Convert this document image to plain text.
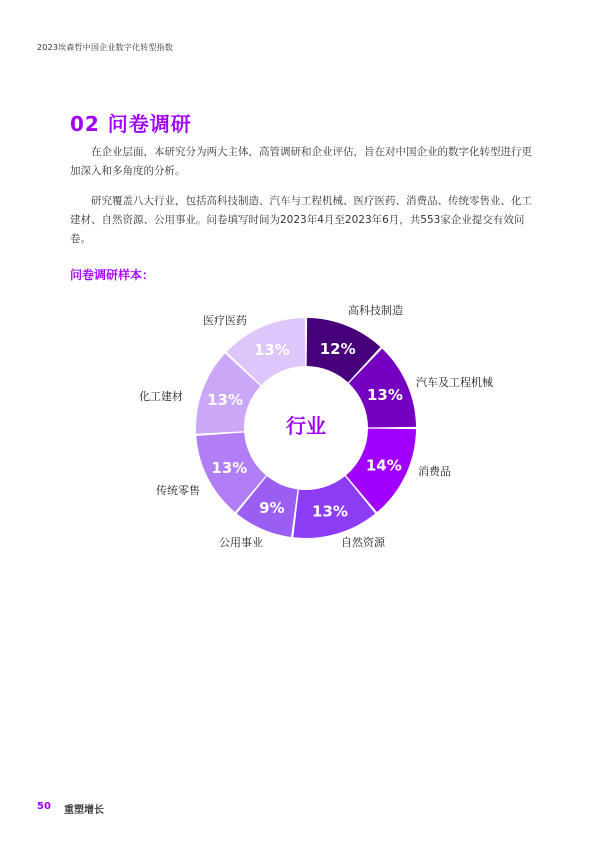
2023埃森哲中国企业数字化转型指数
02 问卷调研

在企业层面，本研究分为两大主体，高管调研和企业评估，旨在对中国企业的数字化转型进行更加深入和多角度的分析。

研究覆盖八大行业，包括高科技制造、汽车与工程机械、医疗医药、消费品、传统零售业、化工建材、自然资源、公用事业。问卷填写时间为2023年4月至2023年6月，共553家企业提交有效问卷。

问卷调研样本：
12%
13%
14%
13%
9%
13%
13%
13%
高科技制造
汽车及工程机械
消费品
自然资源
公用事业
传统零售
化工建材
医疗医药
行业
50 重塑增长
